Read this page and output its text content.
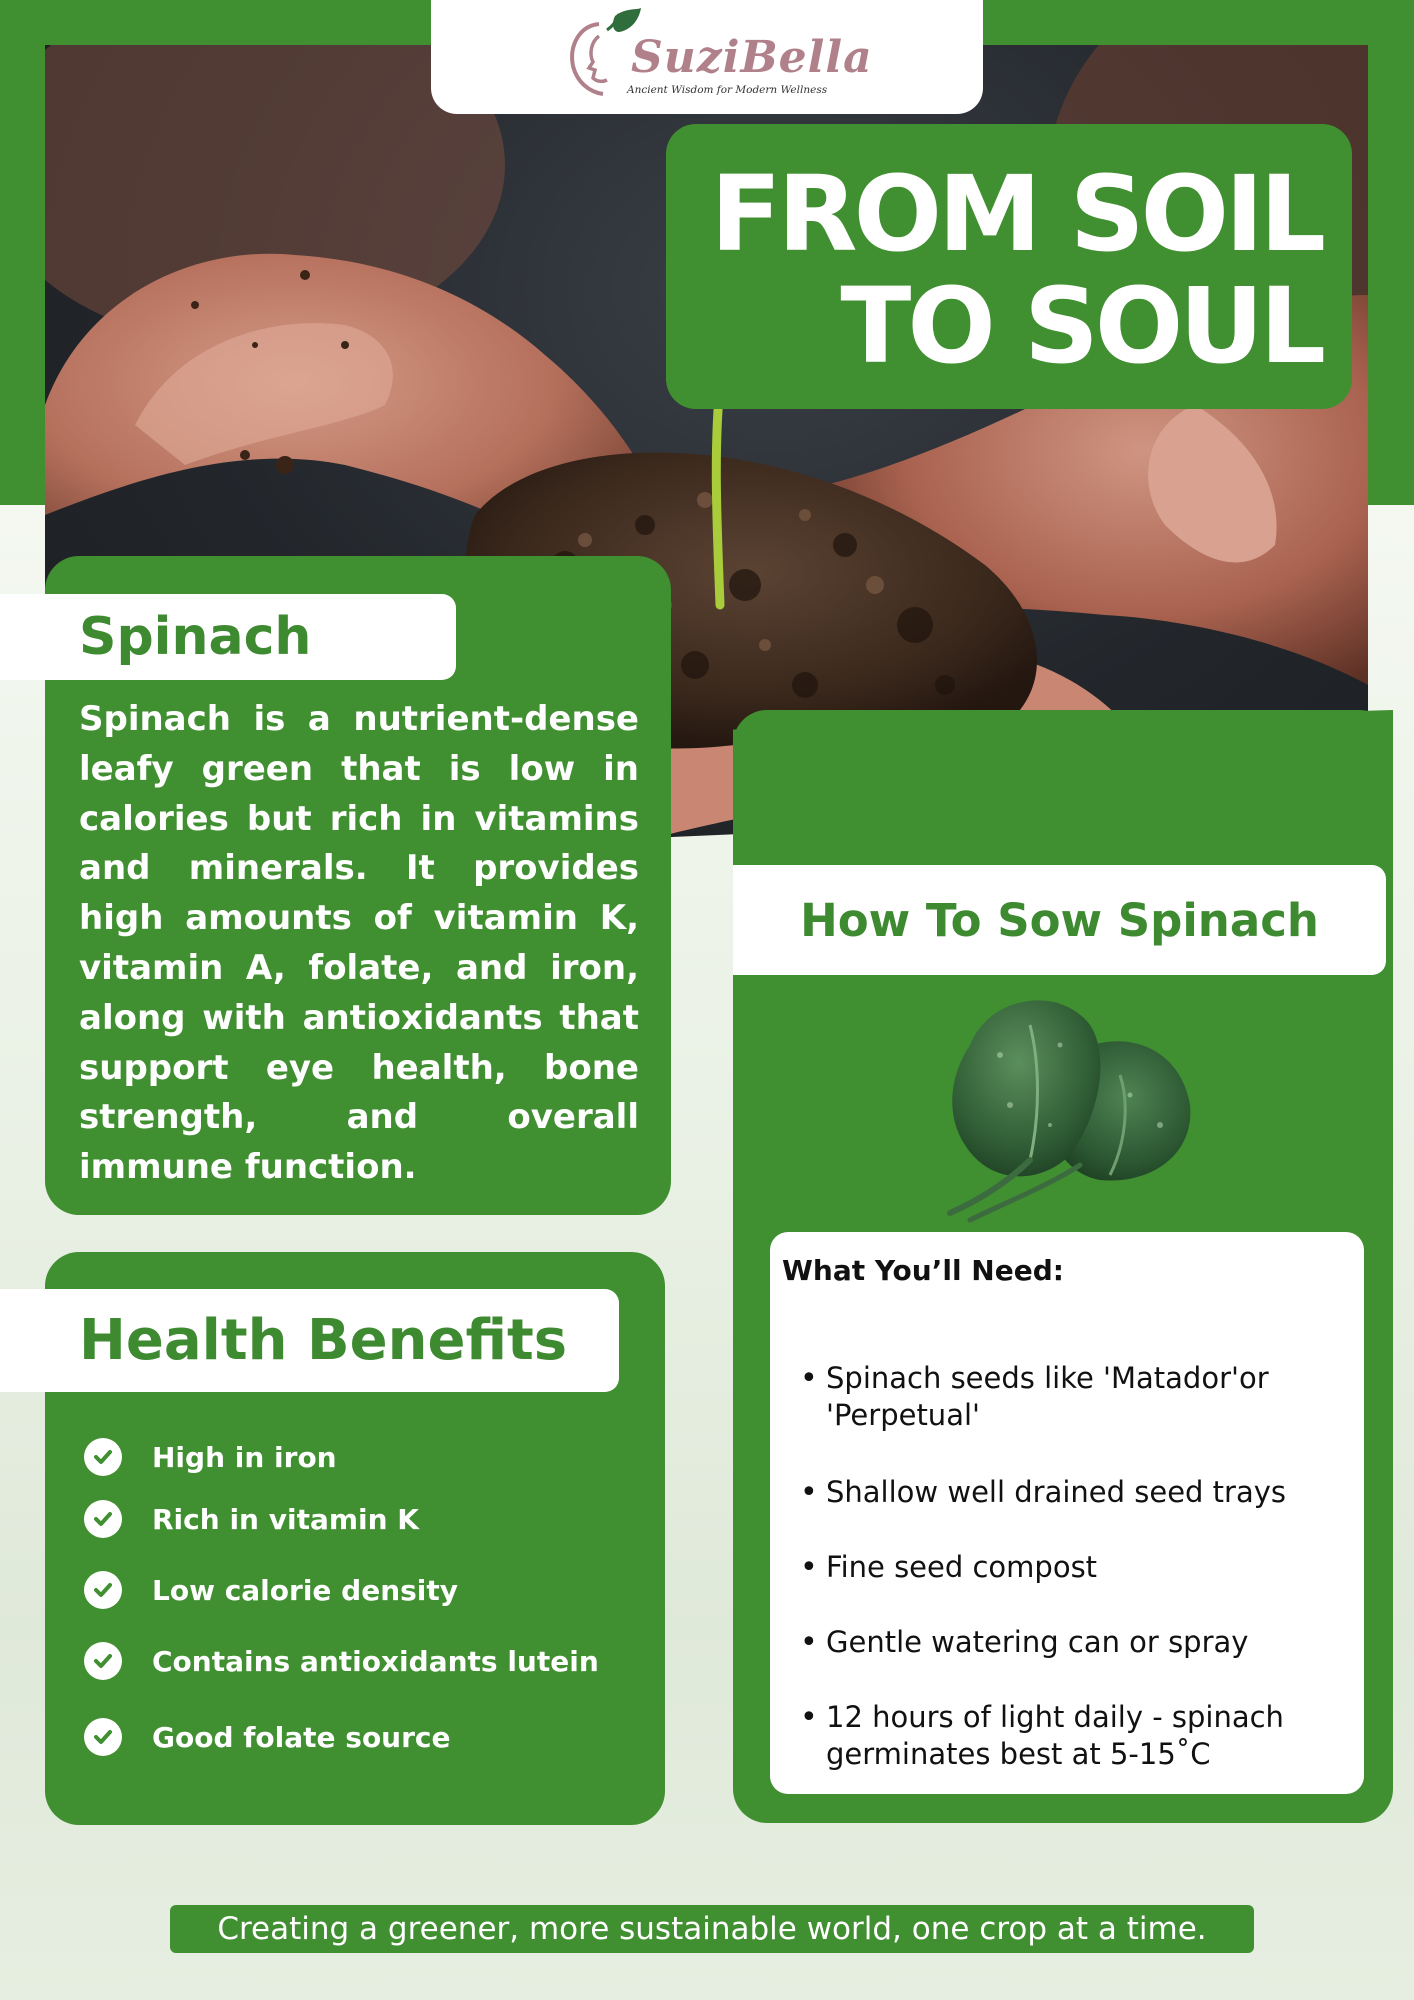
SuziBella
Ancient Wisdom for Modern Wellness
FROM SOIL
TO SOUL
Spinach
Spinach is a nutrient-dense leafy green that is low in calories but rich in vitamins and minerals. It provides high amounts of vitamin K, vitamin A, folate, and iron, along with antioxidants that support eye health, bone strength, and overall immune function.
Health Benefits
High in iron
Rich in vitamin K
Low calorie density
Contains antioxidants lutein
Good folate source
How To Sow Spinach
What You’ll Need:
• Spinach seeds like 'Matador'or 'Perpetual'
• Shallow well drained seed trays
• Fine seed compost
• Gentle watering can or spray
• 12 hours of light daily - spinach germinates best at 5-15˚C
Creating a greener, more sustainable world, one crop at a time.
